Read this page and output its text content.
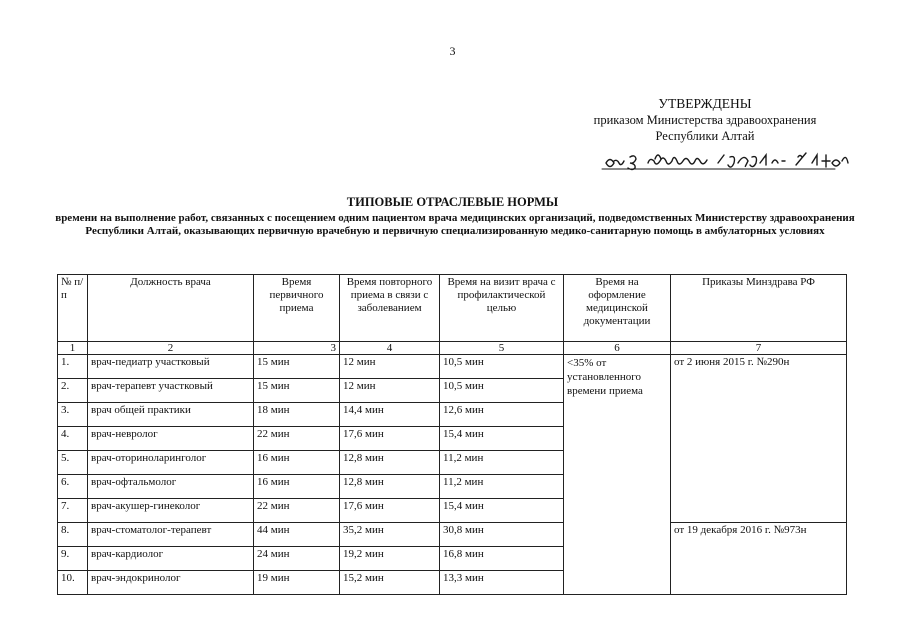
3
УТВЕРЖДЕНЫ
приказом Министерства здравоохранения
Республики Алтай
ТИПОВЫЕ ОТРАСЛЕВЫЕ НОРМЫ
времени на выполнение работ, связанных с посещением одним пациентом врача медицинских организаций, подведомственных Министерству здравоохранения Республики Алтай, оказывающих первичную врачебную и первичную специализированную медико-санитарную помощь в амбулаторных условиях
№ п/п	Должность врача	Время первичного приема	Время повторного приема в связи с заболеванием	Время на визит врача с профилактической целью	Время на оформление медицинской документации	Приказы Минздрава РФ
1	2	3	4	5	6	7
1.	врач-педиатр участковый	15 мин	12 мин	10,5 мин	<35% от установленного времени приема	от 2 июня 2015 г. №290н
2.	врач-терапевт участковый	15 мин	12 мин	10,5 мин		
3.	врач общей практики	18 мин	14,4 мин	12,6 мин		
4.	врач-невролог	22 мин	17,6 мин	15,4 мин		
5.	врач-оториноларинголог	16 мин	12,8 мин	11,2 мин		
6.	врач-офтальмолог	16 мин	12,8 мин	11,2 мин		
7.	врач-акушер-гинеколог	22 мин	17,6 мин	15,4 мин		
8.	врач-стоматолог-терапевт	44 мин	35,2 мин	30,8 мин		от 19 декабря 2016 г. №973н
9.	врач-кардиолог	24 мин	19,2 мин	16,8 мин		
10.	врач-эндокринолог	19 мин	15,2 мин	13,3 мин		
